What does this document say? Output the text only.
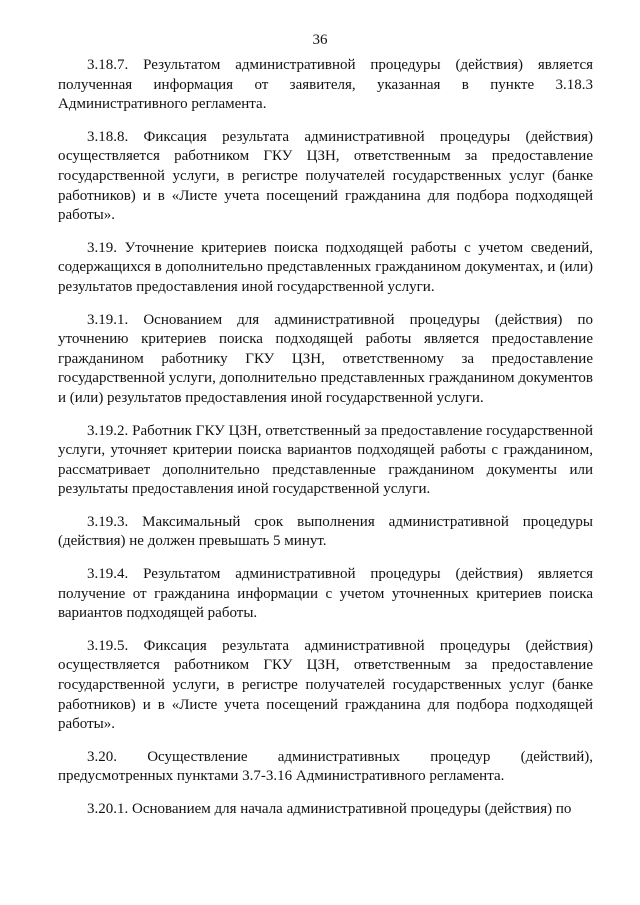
36

3.18.7. Результатом административной процедуры (действия) является полученная информация от заявителя, указанная в пункте 3.18.3 Административного регламента.

3.18.8. Фиксация результата административной процедуры (действия) осуществляется работником ГКУ ЦЗН, ответственным за предоставление государственной услуги, в регистре получателей государственных услуг (банке работников) и в «Листе учета посещений гражданина для подбора подходящей работы».

3.19. Уточнение критериев поиска подходящей работы с учетом сведений, содержащихся в дополнительно представленных гражданином документах, и (или) результатов предоставления иной государственной услуги.

3.19.1. Основанием для административной процедуры (действия) по уточнению критериев поиска подходящей работы является предоставление гражданином работнику ГКУ ЦЗН, ответственному за предоставление государственной услуги, дополнительно представленных гражданином документов и (или) результатов предоставления иной государственной услуги.

3.19.2. Работник ГКУ ЦЗН, ответственный за предоставление государственной услуги, уточняет критерии поиска вариантов подходящей работы с гражданином, рассматривает дополнительно представленные гражданином документы или результаты предоставления иной государственной услуги.

3.19.3. Максимальный срок выполнения административной процедуры (действия) не должен превышать 5 минут.

3.19.4. Результатом административной процедуры (действия) является получение от гражданина информации с учетом уточненных критериев поиска вариантов подходящей работы.

3.19.5. Фиксация результата административной процедуры (действия) осуществляется работником ГКУ ЦЗН, ответственным за предоставление государственной услуги, в регистре получателей государственных услуг (банке работников) и в «Листе учета посещений гражданина для подбора подходящей работы».

3.20. Осуществление административных процедур (действий), предусмотренных пунктами 3.7-3.16 Административного регламента.

3.20.1. Основанием для начала административной процедуры (действия) по
